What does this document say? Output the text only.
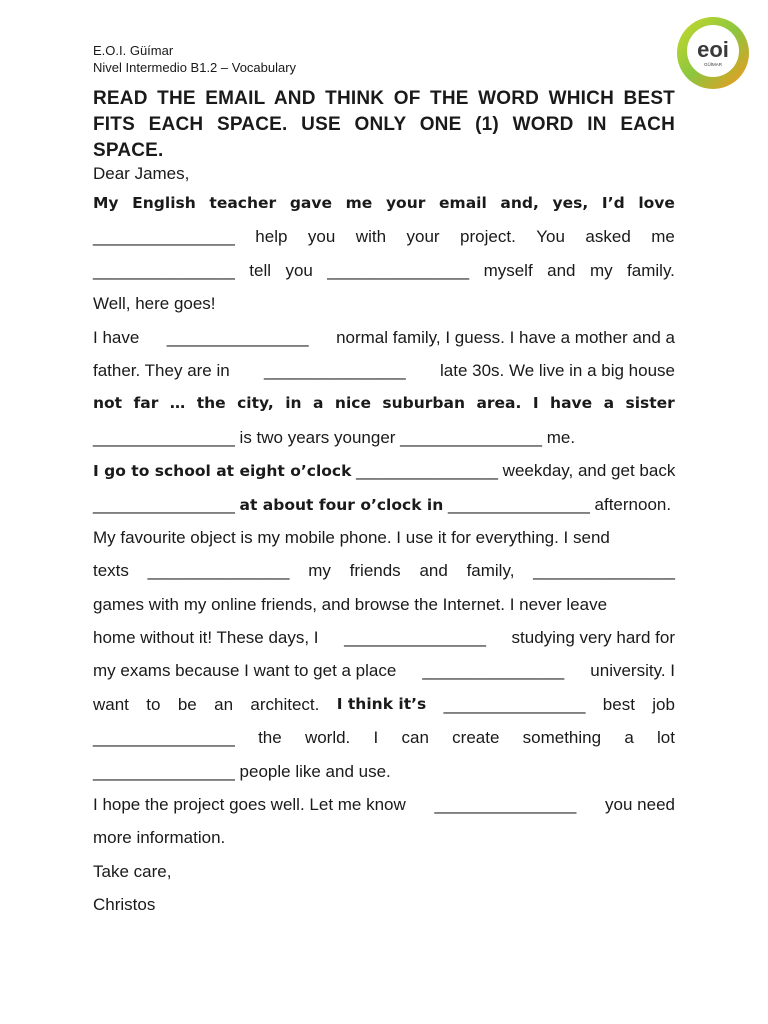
E.O.I. Güímar
Nivel Intermedio B1.2 – Vocabulary
eoi
GÜÍMAR
READ THE EMAIL AND THINK OF THE WORD WHICH BEST FITS EACH SPACE. USE ONLY ONE (1) WORD IN EACH SPACE.
Dear James,
My English teacher gave me your email and, yes, I’d love
_______________ help you with your project. You asked me
_______________ tell you _______________ myself and my family.
Well, here goes!
I have _______________ normal family, I guess. I have a mother and a
father. They are in _______________ late 30s. We live in a big house
not far … the city, in a nice suburban area. I have a sister
_______________ is two years younger _______________ me.
I go to school at eight o’clock _______________ weekday, and get back
_______________ at about four o’clock in _______________ afternoon.
My favourite object is my mobile phone. I use it for everything. I send
texts _______________ my friends and family, _______________
games with my online friends, and browse the Internet. I never leave
home without it! These days, I _______________ studying very hard for
my exams because I want to get a place _______________ university. I
want to be an architect. I think it’s _______________ best job
_______________ the world. I can create something a lot
_______________ people like and use.
I hope the project goes well. Let me know _______________ you need
more information.
Take care,
Christos
